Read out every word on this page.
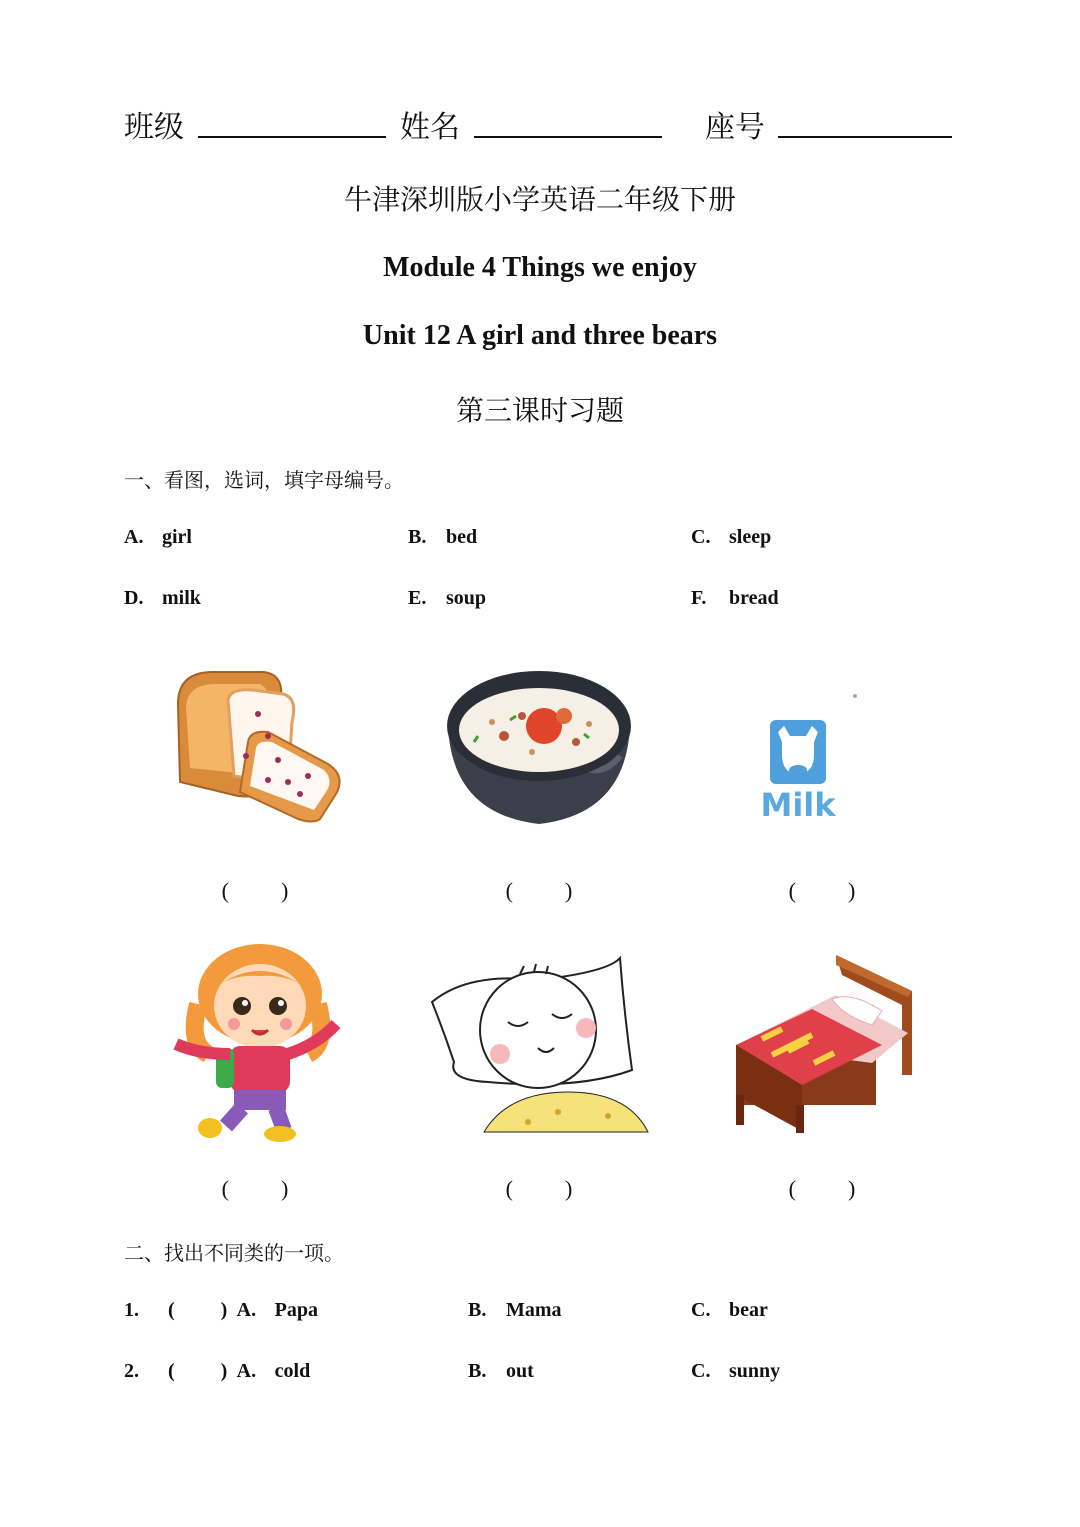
班级	姓名	座号
牛津深圳版小学英语二年级下册
Module 4 Things we enjoy
Unit 12 A girl and three bears
第三课时习题
一、看图，选词，填字母编号。
A. girl	B. bed	C. sleep
D. milk	E. soup	F. bread
Milk
( )	( )	( )
( )	( )	( )
二、找出不同类的一项。
1. ( ) A. Papa	B. Mama	C. bear
2. ( ) A. cold	B. out	C. sunny
